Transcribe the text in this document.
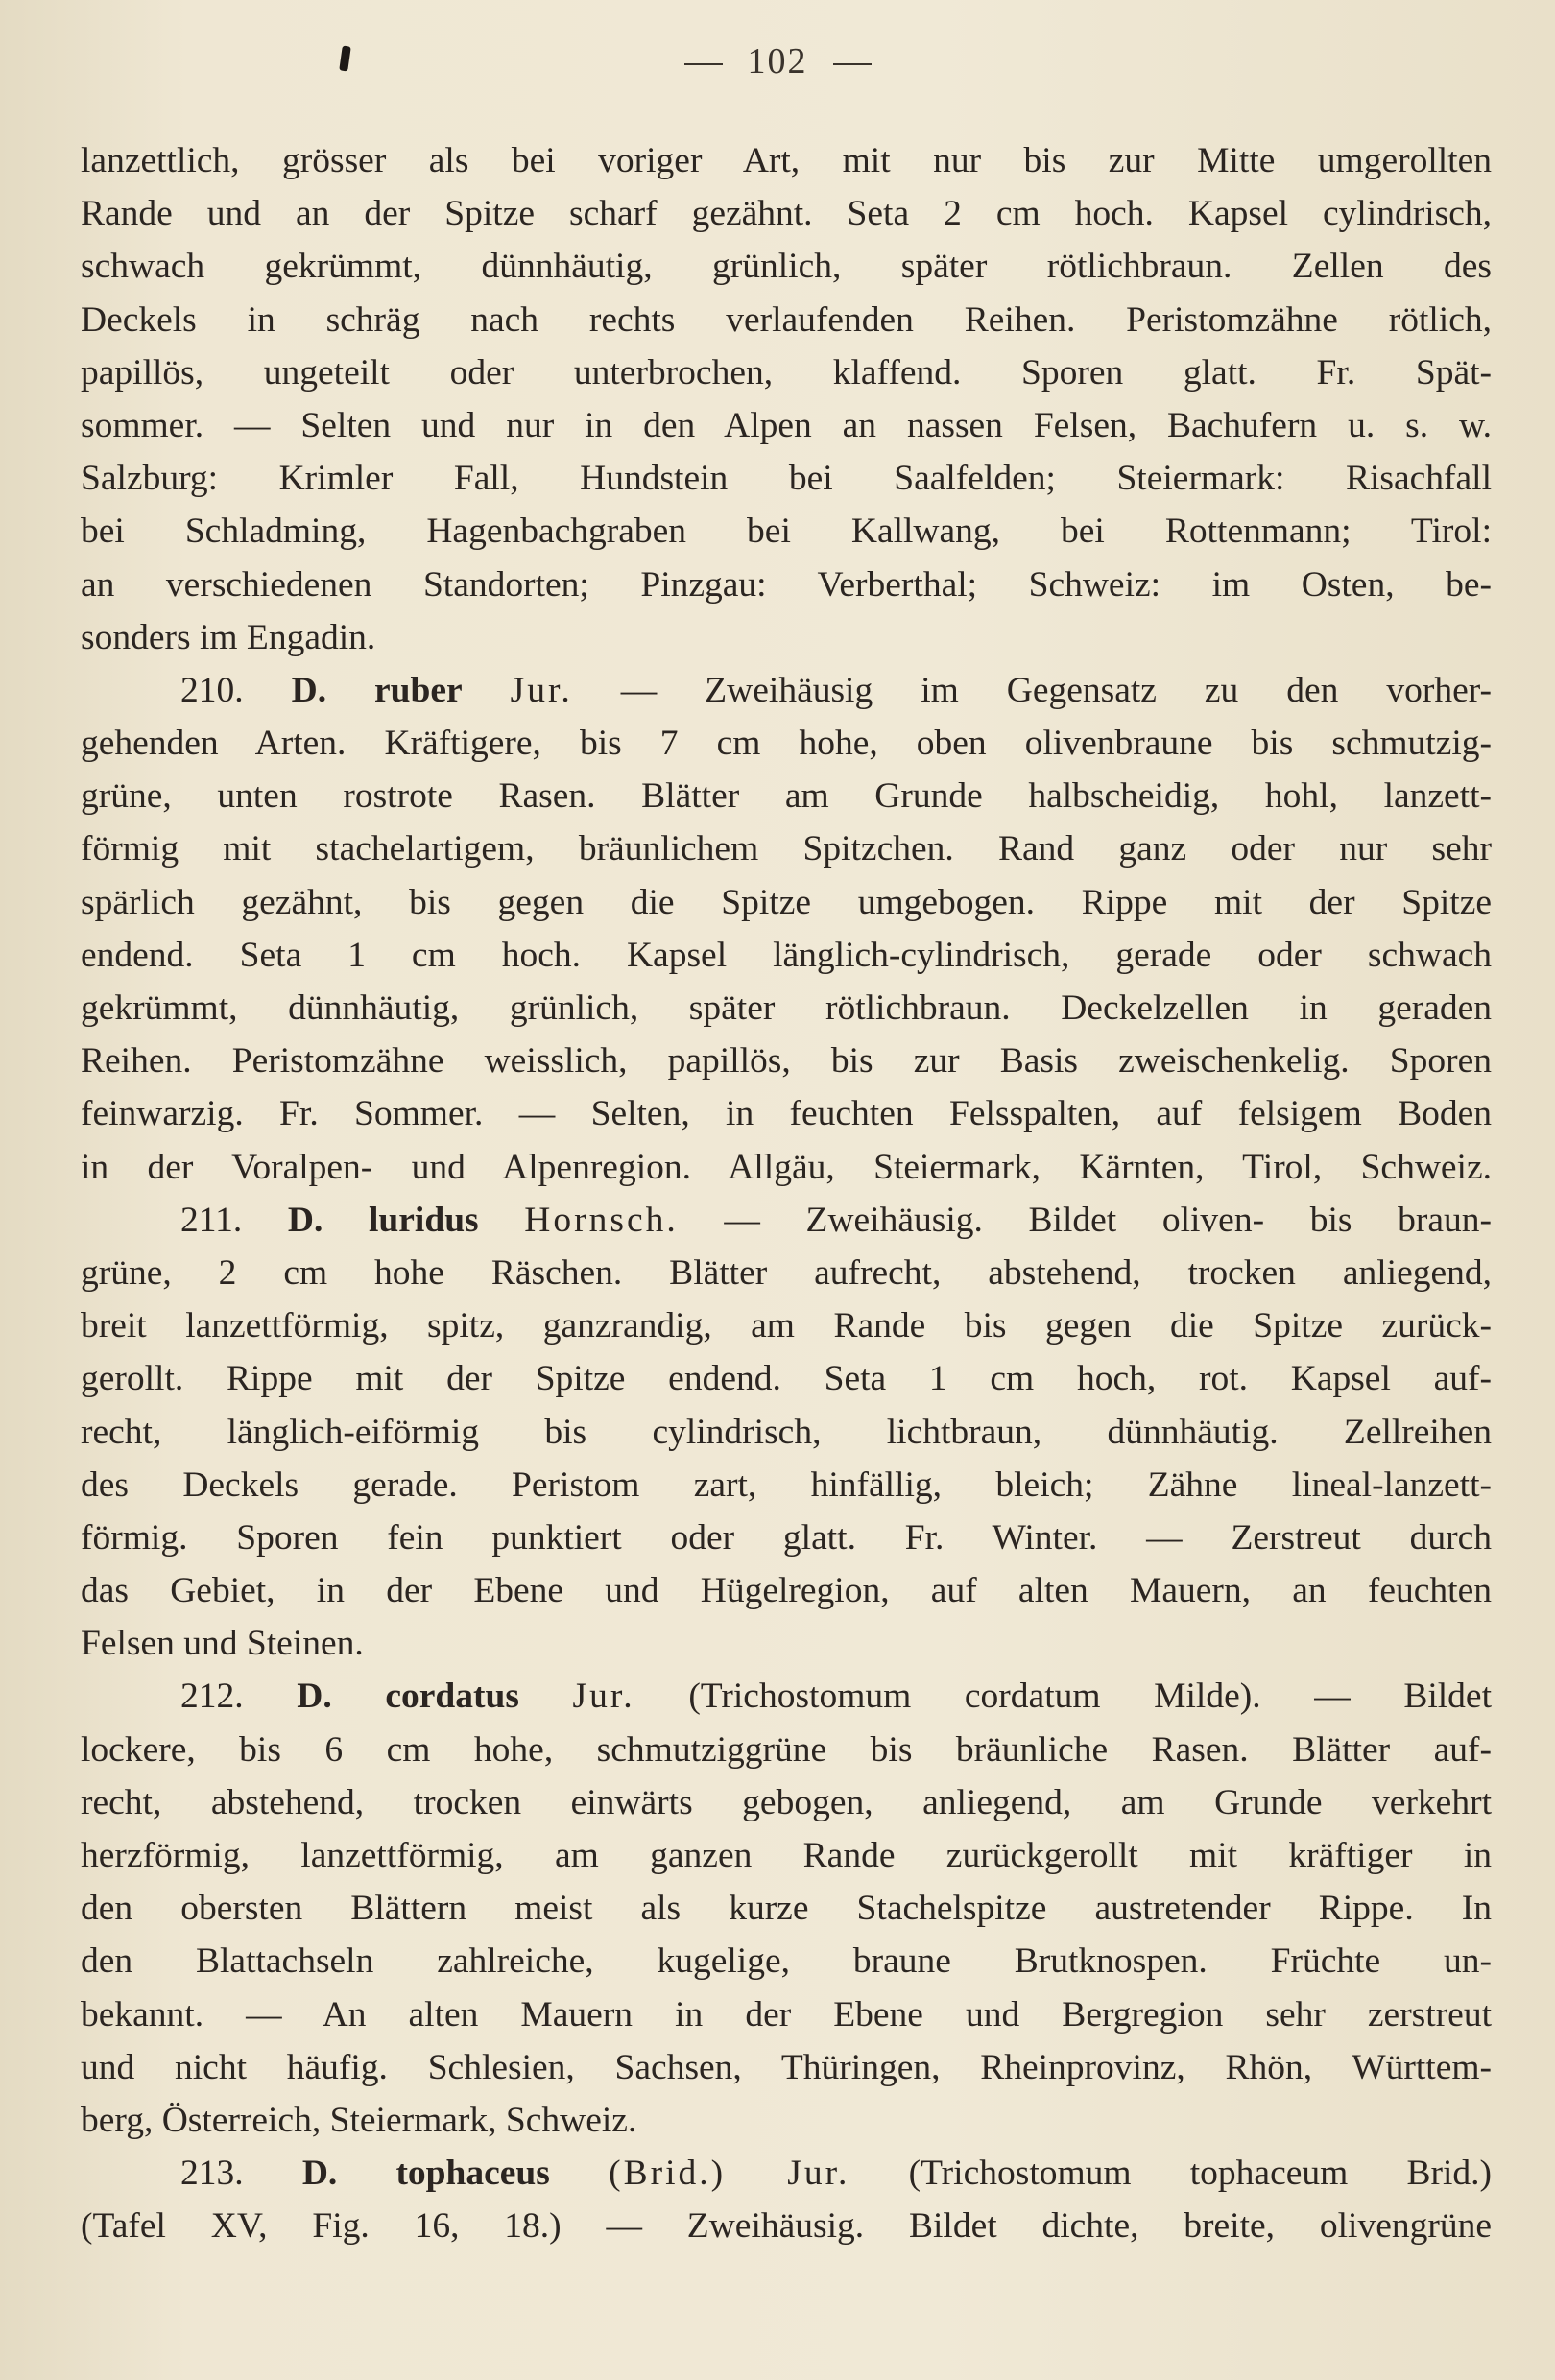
102
lanzettlich, grösser als bei voriger Art, mit nur bis zur Mitte umgerollten
Rande und an der Spitze scharf gezähnt. Seta 2 cm hoch. Kapsel cylindrisch,
schwach gekrümmt, dünnhäutig, grünlich, später rötlichbraun. Zellen des
Deckels in schräg nach rechts verlaufenden Reihen. Peristomzähne rötlich,
papillös, ungeteilt oder unterbrochen, klaffend. Sporen glatt. Fr. Spät-
sommer. — Selten und nur in den Alpen an nassen Felsen, Bachufern u. s. w.
Salzburg: Krimler Fall, Hundstein bei Saalfelden; Steiermark: Risachfall
bei Schladming, Hagenbachgraben bei Kallwang, bei Rottenmann; Tirol:
an verschiedenen Standorten; Pinzgau: Verberthal; Schweiz: im Osten, be-
sonders im Engadin.
210. D. ruber Jur. — Zweihäusig im Gegensatz zu den vorher-
gehenden Arten. Kräftigere, bis 7 cm hohe, oben olivenbraune bis schmutzig-
grüne, unten rostrote Rasen. Blätter am Grunde halbscheidig, hohl, lanzett-
förmig mit stachelartigem, bräunlichem Spitzchen. Rand ganz oder nur sehr
spärlich gezähnt, bis gegen die Spitze umgebogen. Rippe mit der Spitze
endend. Seta 1 cm hoch. Kapsel länglich-cylindrisch, gerade oder schwach
gekrümmt, dünnhäutig, grünlich, später rötlichbraun. Deckelzellen in geraden
Reihen. Peristomzähne weisslich, papillös, bis zur Basis zweischenkelig. Sporen
feinwarzig. Fr. Sommer. — Selten, in feuchten Felsspalten, auf felsigem Boden
in der Voralpen- und Alpenregion. Allgäu, Steiermark, Kärnten, Tirol, Schweiz.
211. D. luridus Hornsch. — Zweihäusig. Bildet oliven- bis braun-
grüne, 2 cm hohe Räschen. Blätter aufrecht, abstehend, trocken anliegend,
breit lanzettförmig, spitz, ganzrandig, am Rande bis gegen die Spitze zurück-
gerollt. Rippe mit der Spitze endend. Seta 1 cm hoch, rot. Kapsel auf-
recht, länglich-eiförmig bis cylindrisch, lichtbraun, dünnhäutig. Zellreihen
des Deckels gerade. Peristom zart, hinfällig, bleich; Zähne lineal-lanzett-
förmig. Sporen fein punktiert oder glatt. Fr. Winter. — Zerstreut durch
das Gebiet, in der Ebene und Hügelregion, auf alten Mauern, an feuchten
Felsen und Steinen.
212. D. cordatus Jur. (Trichostomum cordatum Milde). — Bildet
lockere, bis 6 cm hohe, schmutziggrüne bis bräunliche Rasen. Blätter auf-
recht, abstehend, trocken einwärts gebogen, anliegend, am Grunde verkehrt
herzförmig, lanzettförmig, am ganzen Rande zurückgerollt mit kräftiger in
den obersten Blättern meist als kurze Stachelspitze austretender Rippe. In
den Blattachseln zahlreiche, kugelige, braune Brutknospen. Früchte un-
bekannt. — An alten Mauern in der Ebene und Bergregion sehr zerstreut
und nicht häufig. Schlesien, Sachsen, Thüringen, Rheinprovinz, Rhön, Württem-
berg, Österreich, Steiermark, Schweiz.
213. D. tophaceus (Brid.) Jur. (Trichostomum tophaceum Brid.)
(Tafel XV, Fig. 16, 18.) — Zweihäusig. Bildet dichte, breite, olivengrüne
